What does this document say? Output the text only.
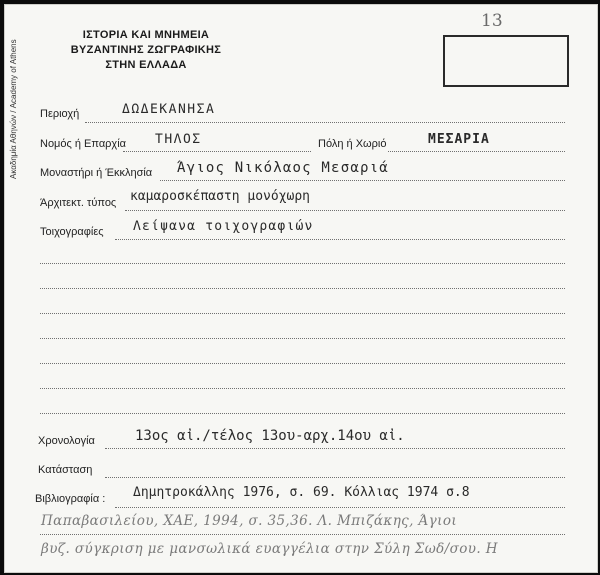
Ακαδημία Αθηνών / Academy of Athens
ΙΣΤΟΡΙΑ ΚΑΙ ΜΝΗΜΕΙΑ
ΒΥΖΑΝΤΙΝΗΣ ΖΩΓΡΑΦΙΚΗΣ
ΣΤΗΝ ΕΛΛΑΔΑ
13
Περιοχή	ΔΩΔΕΚΑΝΗΣΑ
Νομός ή Επαρχία ΤΗΛΟΣ	Πόλη ή Χωριό	ΜΕΣΑΡΙΑ
Μοναστήρι ή Έκκλησία Άγιος Νικόλαος Μεσαριά
Άρχιτεκτ. τύπος καμαροσκέπαστη μονόχωρη
Τοιχογραφίες Λείψανα τοιχογραφιών
Χρονολογία	13ος αἰ./τέλος 13ου-αρχ.14ου αἰ.
Κατάσταση
Βιβλιογραφία : Δημητροκάλλης 1976, σ. 69. Κόλλιας 1974 σ.8
Παπαβασιλείου, ΧΑΕ, 1994, σ. 35,36. Λ. Μπιζάκης, Άγιοι
βυζ. σύγκριση με μανσωλικά ευαγγέλια στην Σύλη Σωδ/σου. Η
